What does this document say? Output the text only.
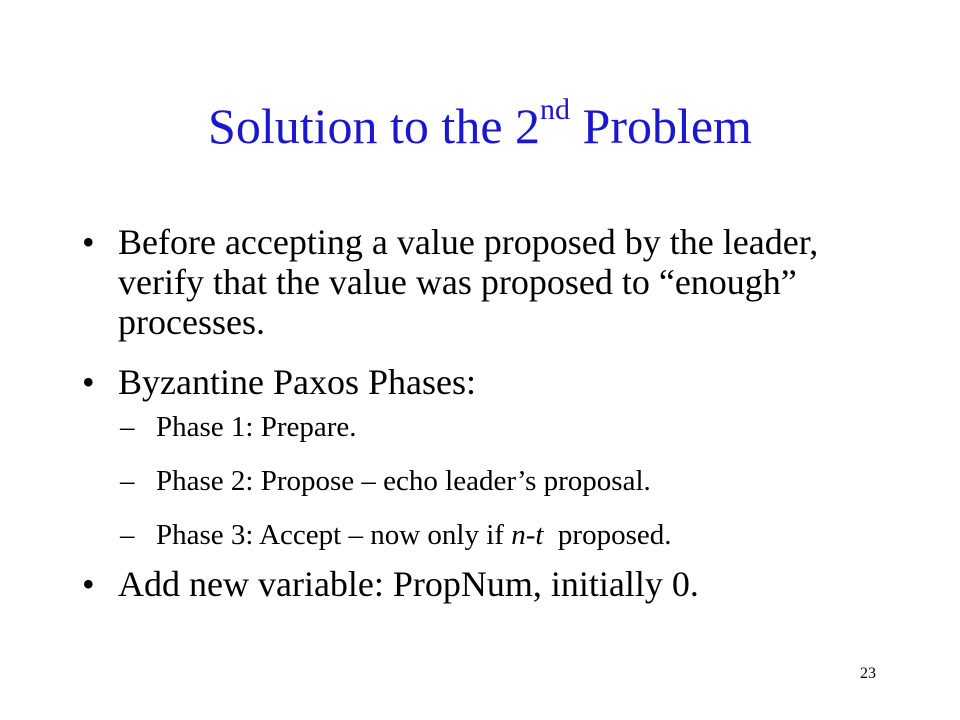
Solution to the 2nd Problem
• Before accepting a value proposed by the leader, verify that the value was proposed to “enough” processes.
• Byzantine Paxos Phases:
– Phase 1: Prepare.
– Phase 2: Propose – echo leader’s proposal.
– Phase 3: Accept – now only if n-t  proposed.
• Add new variable: PropNum, initially 0.
23
